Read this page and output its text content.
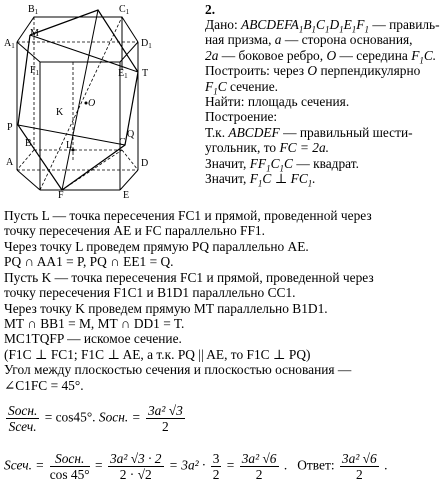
$B_1$	$C_1$
$A_1$
M
$D_1$
T
$F_1$	$E_1$
O
D
C
B
P
Q
K
L
A
F	E
2.
Дано: $ABCDEFA_1B_1C_1D_1E_1F_1$ — правиль-
ная призма, a — сторона основания,
2a — боковое ребро, O — середина $F_1C$.
Построить: через O перпендикулярно
$F_1C$ сечение.
Найти: площадь сечения.
Построение:
Т.к. ABCDEF — правильный шести-
угольник, то FC = 2a.
Значит, $FF_1C_1C$ — квадрат.
Значит, $F_1C$ ⊥ $FC_1$.
Пусть L — точка пересечения FC1 и прямой, проведенной через
точку пересечения AE и FC параллельно FF1.
Через точку L проведем прямую PQ параллельно AE.
PQ ∩ AA1 = P, PQ ∩ EE1 = Q.
Пусть K — точка пересечения FC1 и прямой, проведенной через
точку пересечения F1C1 и B1D1 параллельно CC1.
Через точку K проведем прямую MT параллельно B1D1.
MT ∩ BB1 = M, MT ∩ DD1 = T.
MC1TQFP — искомое сечение.
(F1C ⊥ FC1; F1C ⊥ AE, а т.к. PQ || AE, то F1C ⊥ PQ)
Угол между плоскостью сечения и плоскостью основания —
∠C1FC = 45°.
$\frac{\text{Sосн.}}{\text{Sсеч.}} = \cos 45^\circ$. Sосн. = $\frac{\text{3a² √3}}{2}$
Sсеч. = $\frac{\text{Sосн.}}{\cos 45^\circ} = \frac{\text{3a² √3 · 2}}{2 \cdot √2} = 3a^2 \cdot \frac{3}{2} = \frac{\text{3a² √6}}{2}$ .   Ответ: $\frac{\text{3a² √6}}{2}$ .
